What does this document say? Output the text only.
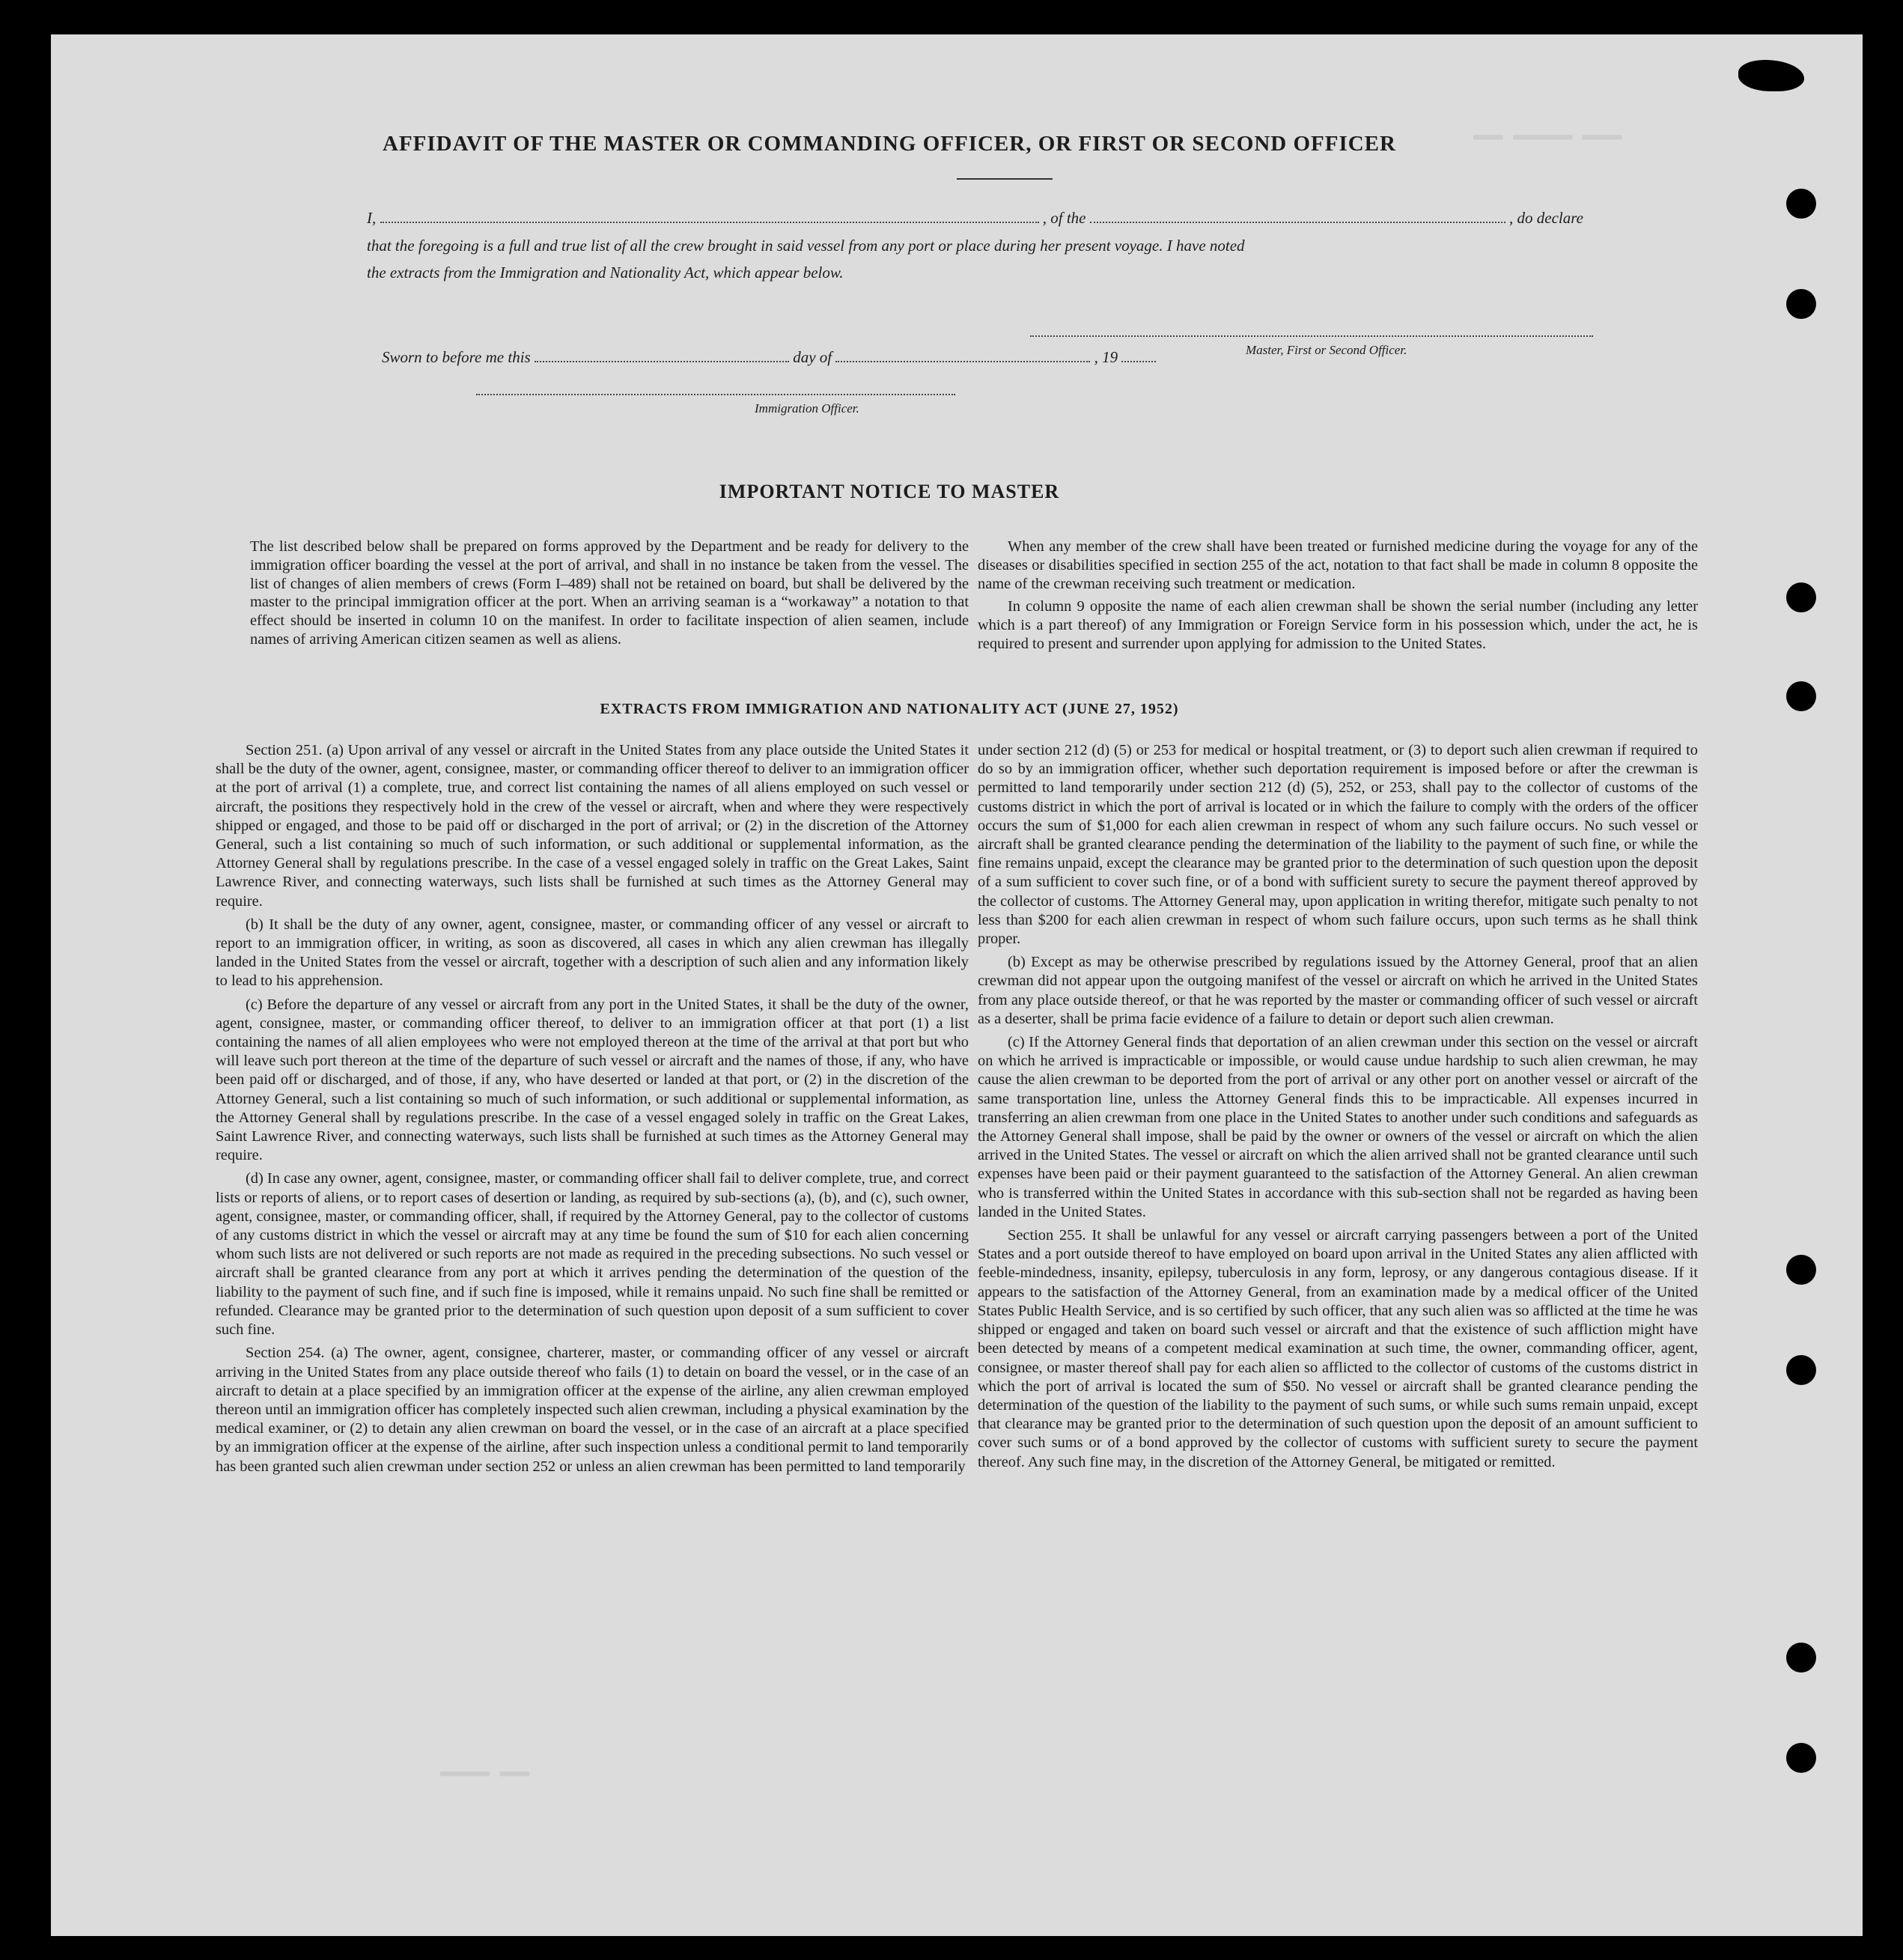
▬▬▬ ▬▬▬▬▬▬ ▬▬▬▬
▬▬▬▬▬ ▬▬▬
AFFIDAVIT OF THE MASTER OR COMMANDING OFFICER, OR FIRST OR SECOND OFFICER
I,	, of the	, do declare
that the foregoing is a full and true list of all the crew brought in said vessel from any port or place during her present voyage. I have noted
the extracts from the Immigration and Nationality Act, which appear below.
Master, First or Second Officer.
Sworn to before me this	day of	, 19
Immigration Officer.
IMPORTANT NOTICE TO MASTER

The list described below shall be prepared on forms approved by the Department and be ready for delivery to the immigration officer boarding the vessel at the port of arrival, and shall in no instance be taken from the vessel. The list of changes of alien members of crews (Form I–489) shall not be retained on board, but shall be delivered by the master to the principal immigration officer at the port. When an arriving seaman is a “workaway” a notation to that effect should be inserted in column 10 on the manifest. In order to facilitate inspection of alien seamen, include names of arriving American citizen seamen as well as aliens.

When any member of the crew shall have been treated or furnished medicine during the voyage for any of the diseases or disabilities specified in section 255 of the act, notation to that fact shall be made in column 8 opposite the name of the crewman receiving such treatment or medication.

In column 9 opposite the name of each alien crewman shall be shown the serial number (including any letter which is a part thereof) of any Immigration or Foreign Service form in his possession which, under the act, he is required to present and surrender upon applying for admission to the United States.

EXTRACTS FROM IMMIGRATION AND NATIONALITY ACT (JUNE 27, 1952)

Section 251. (a) Upon arrival of any vessel or aircraft in the United States from any place outside the United States it shall be the duty of the owner, agent, consignee, master, or commanding officer thereof to deliver to an immigration officer at the port of arrival (1) a complete, true, and correct list containing the names of all aliens employed on such vessel or aircraft, the positions they respectively hold in the crew of the vessel or aircraft, when and where they were respectively shipped or engaged, and those to be paid off or discharged in the port of arrival; or (2) in the discretion of the Attorney General, such a list containing so much of such information, or such additional or supplemental information, as the Attorney General shall by regulations prescribe. In the case of a vessel engaged solely in traffic on the Great Lakes, Saint Lawrence River, and connecting waterways, such lists shall be furnished at such times as the Attorney General may require.

(b) It shall be the duty of any owner, agent, consignee, master, or commanding officer of any vessel or aircraft to report to an immigration officer, in writing, as soon as discovered, all cases in which any alien crewman has illegally landed in the United States from the vessel or aircraft, together with a description of such alien and any information likely to lead to his apprehension.

(c) Before the departure of any vessel or aircraft from any port in the United States, it shall be the duty of the owner, agent, consignee, master, or commanding officer thereof, to deliver to an immigration officer at that port (1) a list containing the names of all alien employees who were not employed thereon at the time of the arrival at that port but who will leave such port thereon at the time of the departure of such vessel or aircraft and the names of those, if any, who have been paid off or discharged, and of those, if any, who have deserted or landed at that port, or (2) in the discretion of the Attorney General, such a list containing so much of such information, or such additional or supplemental information, as the Attorney General shall by regulations prescribe. In the case of a vessel engaged solely in traffic on the Great Lakes, Saint Lawrence River, and connecting waterways, such lists shall be furnished at such times as the Attorney General may require.

(d) In case any owner, agent, consignee, master, or commanding officer shall fail to deliver complete, true, and correct lists or reports of aliens, or to report cases of desertion or landing, as required by sub-sections (a), (b), and (c), such owner, agent, consignee, master, or commanding officer, shall, if required by the Attorney General, pay to the collector of customs of any customs district in which the vessel or aircraft may at any time be found the sum of $10 for each alien concerning whom such lists are not delivered or such reports are not made as required in the preceding subsections. No such vessel or aircraft shall be granted clearance from any port at which it arrives pending the determination of the question of the liability to the payment of such fine, and if such fine is imposed, while it remains unpaid. No such fine shall be remitted or refunded. Clearance may be granted prior to the determination of such question upon deposit of a sum sufficient to cover such fine.

Section 254. (a) The owner, agent, consignee, charterer, master, or commanding officer of any vessel or aircraft arriving in the United States from any place outside thereof who fails (1) to detain on board the vessel, or in the case of an aircraft to detain at a place specified by an immigration officer at the expense of the airline, any alien crewman employed thereon until an immigration officer has completely inspected such alien crewman, including a physical examination by the medical examiner, or (2) to detain any alien crewman on board the vessel, or in the case of an aircraft at a place specified by an immigration officer at the expense of the airline, after such inspection unless a conditional permit to land temporarily has been granted such alien crewman under section 252 or unless an alien crewman has been permitted to land temporarily

under section 212 (d) (5) or 253 for medical or hospital treatment, or (3) to deport such alien crewman if required to do so by an immigration officer, whether such deportation requirement is imposed before or after the crewman is permitted to land temporarily under section 212 (d) (5), 252, or 253, shall pay to the collector of customs of the customs district in which the port of arrival is located or in which the failure to comply with the orders of the officer occurs the sum of $1,000 for each alien crewman in respect of whom any such failure occurs. No such vessel or aircraft shall be granted clearance pending the determination of the liability to the payment of such fine, or while the fine remains unpaid, except the clearance may be granted prior to the determination of such question upon the deposit of a sum sufficient to cover such fine, or of a bond with sufficient surety to secure the payment thereof approved by the collector of customs. The Attorney General may, upon application in writing therefor, mitigate such penalty to not less than $200 for each alien crewman in respect of whom such failure occurs, upon such terms as he shall think proper.

(b) Except as may be otherwise prescribed by regulations issued by the Attorney General, proof that an alien crewman did not appear upon the outgoing manifest of the vessel or aircraft on which he arrived in the United States from any place outside thereof, or that he was reported by the master or commanding officer of such vessel or aircraft as a deserter, shall be prima facie evidence of a failure to detain or deport such alien crewman.

(c) If the Attorney General finds that deportation of an alien crewman under this section on the vessel or aircraft on which he arrived is impracticable or impossible, or would cause undue hardship to such alien crewman, he may cause the alien crewman to be deported from the port of arrival or any other port on another vessel or aircraft of the same transportation line, unless the Attorney General finds this to be impracticable. All expenses incurred in transferring an alien crewman from one place in the United States to another under such conditions and safeguards as the Attorney General shall impose, shall be paid by the owner or owners of the vessel or aircraft on which the alien arrived in the United States. The vessel or aircraft on which the alien arrived shall not be granted clearance until such expenses have been paid or their payment guaranteed to the satisfaction of the Attorney General. An alien crewman who is transferred within the United States in accordance with this sub-section shall not be regarded as having been landed in the United States.

Section 255. It shall be unlawful for any vessel or aircraft carrying passengers between a port of the United States and a port outside thereof to have employed on board upon arrival in the United States any alien afflicted with feeble-mindedness, insanity, epilepsy, tuberculosis in any form, leprosy, or any dangerous contagious disease. If it appears to the satisfaction of the Attorney General, from an examination made by a medical officer of the United States Public Health Service, and is so certified by such officer, that any such alien was so afflicted at the time he was shipped or engaged and taken on board such vessel or aircraft and that the existence of such affliction might have been detected by means of a competent medical examination at such time, the owner, commanding officer, agent, consignee, or master thereof shall pay for each alien so afflicted to the collector of customs of the customs district in which the port of arrival is located the sum of $50. No vessel or aircraft shall be granted clearance pending the determination of the question of the liability to the payment of such sums, or while such sums remain unpaid, except that clearance may be granted prior to the determination of such question upon the deposit of an amount sufficient to cover such sums or of a bond approved by the collector of customs with sufficient surety to secure the payment thereof. Any such fine may, in the discretion of the Attorney General, be mitigated or remitted.
